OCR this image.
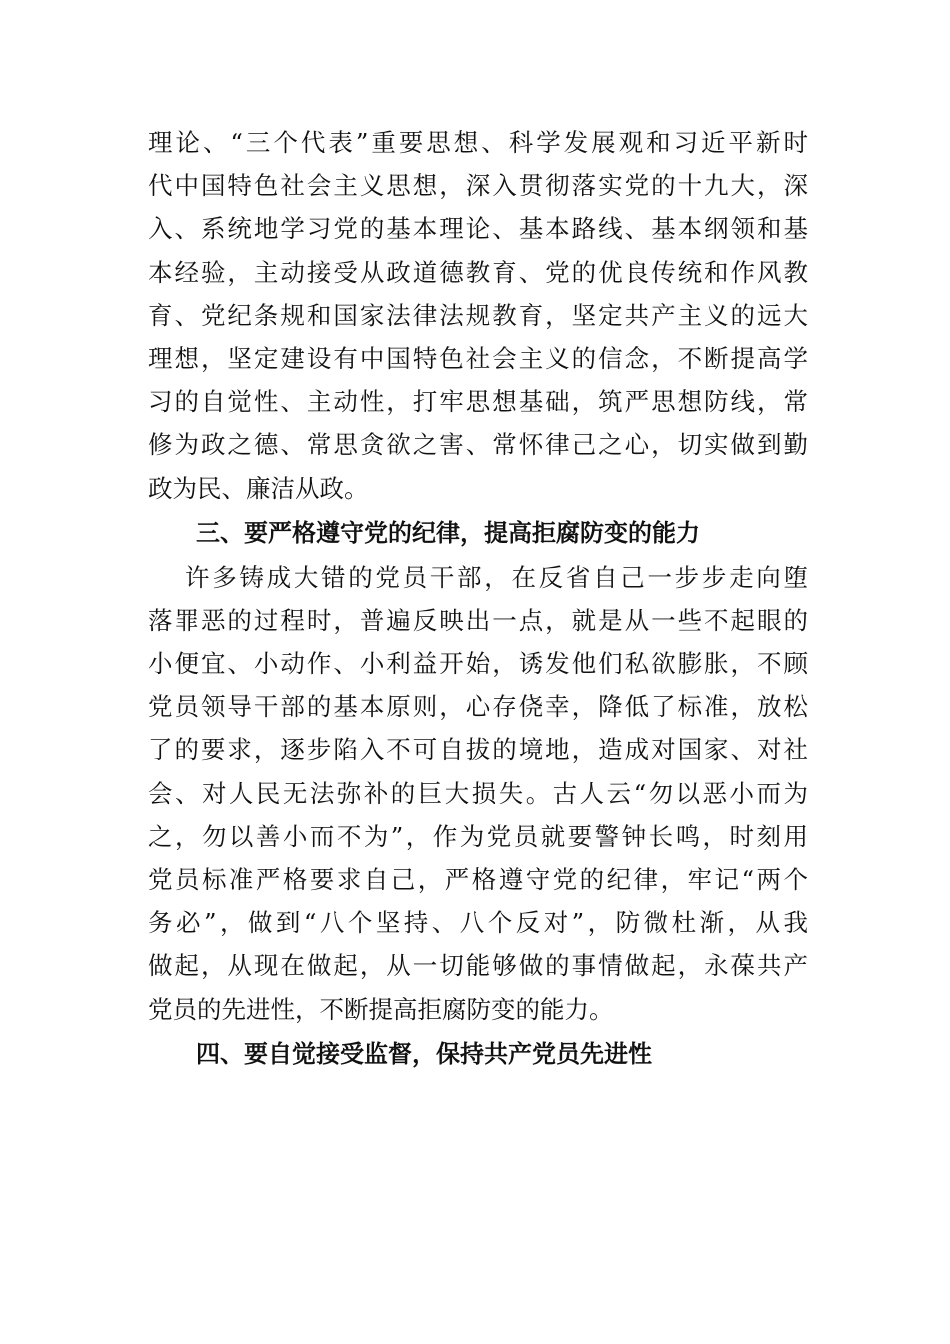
理论、“三个代表”重要思想、科学发展观和习近平新时
代中国特色社会主义思想，深入贯彻落实党的十九大，深
入、系统地学习党的基本理论、基本路线、基本纲领和基
本经验，主动接受从政道德教育、党的优良传统和作风教
育、党纪条规和国家法律法规教育，坚定共产主义的远大
理想，坚定建设有中国特色社会主义的信念，不断提高学
习的自觉性、主动性，打牢思想基础，筑严思想防线，常
修为政之德、常思贪欲之害、常怀律己之心，切实做到勤
政为民、廉洁从政。
三、要严格遵守党的纪律，提高拒腐防变的能力
许多铸成大错的党员干部，在反省自己一步步走向堕
落罪恶的过程时，普遍反映出一点，就是从一些不起眼的
小便宜、小动作、小利益开始，诱发他们私欲膨胀，不顾
党员领导干部的基本原则，心存侥幸，降低了标准，放松
了的要求，逐步陷入不可自拔的境地，造成对国家、对社
会、对人民无法弥补的巨大损失。古人云“勿以恶小而为
之，勿以善小而不为”，作为党员就要警钟长鸣，时刻用
党员标准严格要求自己，严格遵守党的纪律，牢记“两个
务必”，做到“八个坚持、八个反对”，防微杜渐，从我
做起，从现在做起，从一切能够做的事情做起，永葆共产
党员的先进性，不断提高拒腐防变的能力。
四、要自觉接受监督，保持共产党员先进性
